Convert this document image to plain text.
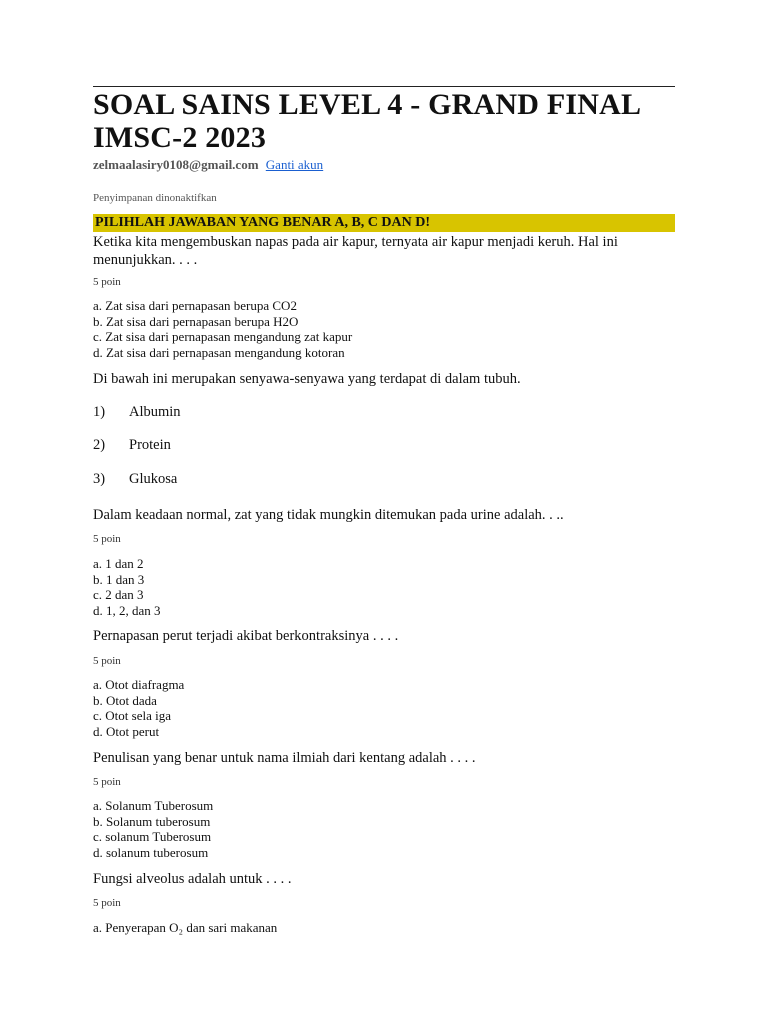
SOAL SAINS LEVEL 4 - GRAND FINAL
IMSC-2 2023
zelmaalasiry0108@gmail.com Ganti akun
Penyimpanan dinonaktifkan
PILIHLAH JAWABAN YANG BENAR A, B, C DAN D!
Ketika kita mengembuskan napas pada air kapur, ternyata air kapur menjadi keruh. Hal ini menunjukkan. . . .
5 poin
a. Zat sisa dari pernapasan berupa CO2
b. Zat sisa dari pernapasan berupa H2O
c. Zat sisa dari pernapasan mengandung zat kapur
d. Zat sisa dari pernapasan mengandung kotoran
Di bawah ini merupakan senyawa-senyawa yang terdapat di dalam tubuh.
1) Albumin
2) Protein
3) Glukosa
Dalam keadaan normal, zat yang tidak mungkin ditemukan pada urine adalah. . ..
5 poin
a. 1 dan 2
b. 1 dan 3
c. 2 dan 3
d. 1, 2, dan 3
Pernapasan perut terjadi akibat berkontraksinya . . . .
5 poin
a. Otot diafragma
b. Otot dada
c. Otot sela iga
d. Otot perut
Penulisan yang benar untuk nama ilmiah dari kentang adalah . . . .
5 poin
a. Solanum Tuberosum
b. Solanum tuberosum
c. solanum Tuberosum
d. solanum tuberosum
Fungsi alveolus adalah untuk . . . .
5 poin
a. Penyerapan O₂ dan sari makanan
